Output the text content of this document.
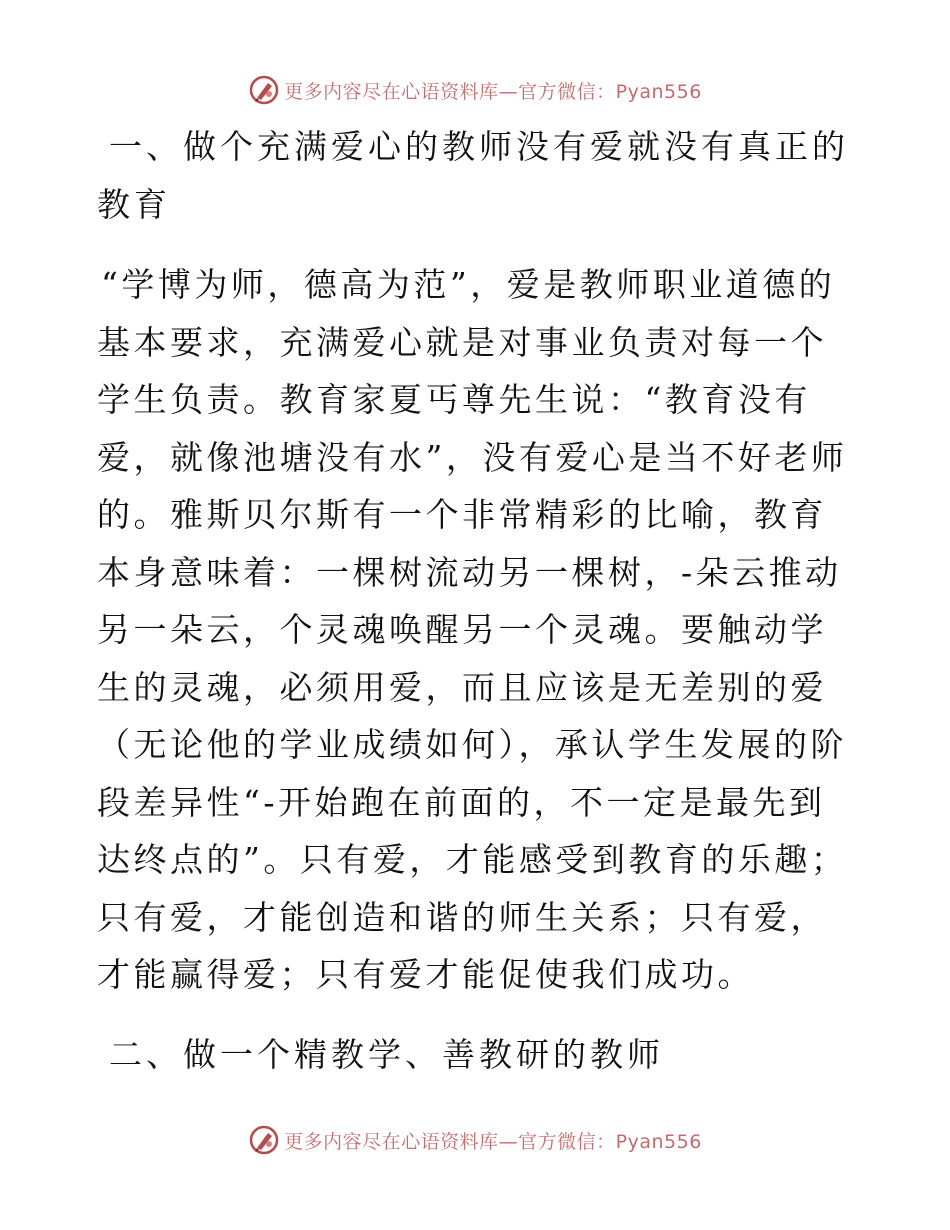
更多内容尽在心语资料库—官方微信：Pyan556

一、做个充满爱心的教师没有爱就没有真正的教育

“学博为师，德高为范”，爱是教师职业道德的基本要求，充满爱心就是对事业负责对每一个学生负责。教育家夏丐尊先生说：“教育没有爱，就像池塘没有水”，没有爱心是当不好老师的。雅斯贝尔斯有一个非常精彩的比喻，教育本身意味着：一棵树流动另一棵树，-朵云推动另一朵云，个灵魂唤醒另一个灵魂。要触动学生的灵魂，必须用爱，而且应该是无差别的爱（无论他的学业成绩如何），承认学生发展的阶段差异性“-开始跑在前面的，不一定是最先到达终点的”。只有爱，才能感受到教育的乐趣；只有爱，才能创造和谐的师生关系；只有爱，才能赢得爱；只有爱才能促使我们成功。

二、做一个精教学、善教研的教师

更多内容尽在心语资料库—官方微信：Pyan556
